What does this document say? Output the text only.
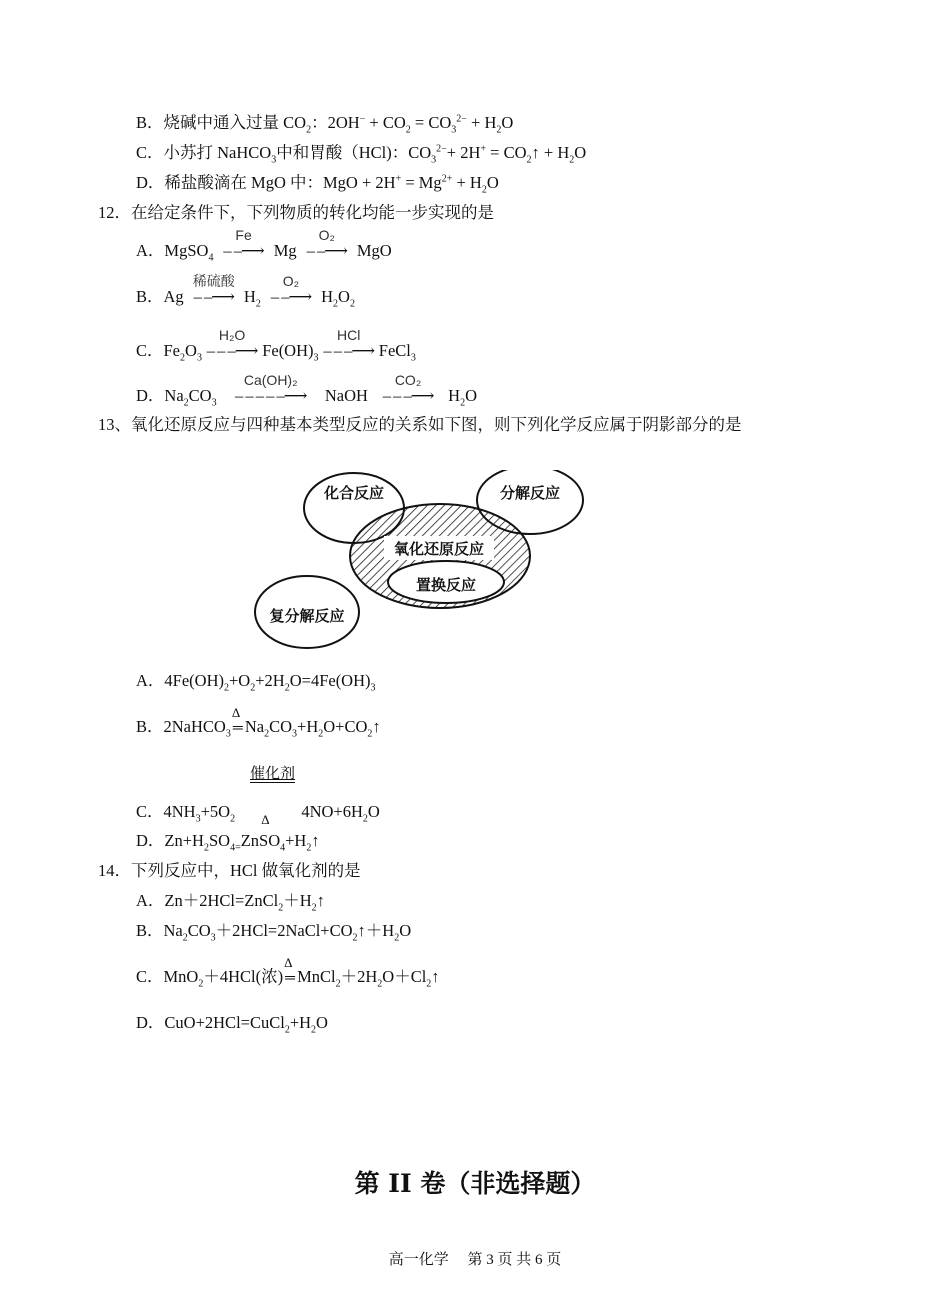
B．烧碱中通入过量 $CO_2$：$2OH^- + CO_2 = CO_3^{2-} + H_2O$
C．小苏打 NaHCO$_3$中和胃酸（HCl)：$CO_3^{2-}+ 2H^+$ = $CO_2↑ + H_2O$
D．稀盐酸滴在 MgO 中：MgO + $2H^+ = Mg^{2+} + H_2O$
12．在给定条件下，下列物质的转化均能一步实现的是
A．MgSO$_4$
Fe
– –⟶ Mg
O₂
– –⟶ MgO
B．Ag
稀硫酸
– –⟶ $H_2$
O₂
– –⟶ $H_2O_2$
C．$Fe_2O_3$
H₂O
– – –⟶ $Fe(OH)_3$
HCl
– – –⟶ FeCl$_3$
D．$Na_2CO_3$
Ca(OH)₂
– – – – –⟶ NaOH
CO₂
– – –⟶ $H_2O$
13、氧化还原反应与四种基本类型反应的关系如下图，则下列化学反应属于阴影部分的是
化合反应	分解反应
氧化还原反应
置换反应
复分解反应
A．$4Fe(OH)_2+O_2+2H_2O=4Fe(OH)_3$
B．2NaHCO$_3$
Δ
═ $Na_2CO_3+H_2O+CO_2↑$
催化剂
C．$4NH_3+5O_2$ Δ $4NO+6H_2O$
D．$Zn+H_2SO_{4=}ZnSO_4+H_2↑$
14．下列反应中，HCl 做氧化剂的是
A．$Zn+2HCl=ZnCl_2+H_2↑$
B．$Na_2CO_3+2HCl=2NaCl+CO_2↑+H_2O$
C．MnO$_2$＋4HCl(浓)
Δ
═ $MnCl_2+2H_2O+Cl_2↑$
D．$CuO+2HCl=CuCl_2+H_2O$
第 II 卷（非选择题）
高一化学　 第 3 页 共 6 页
